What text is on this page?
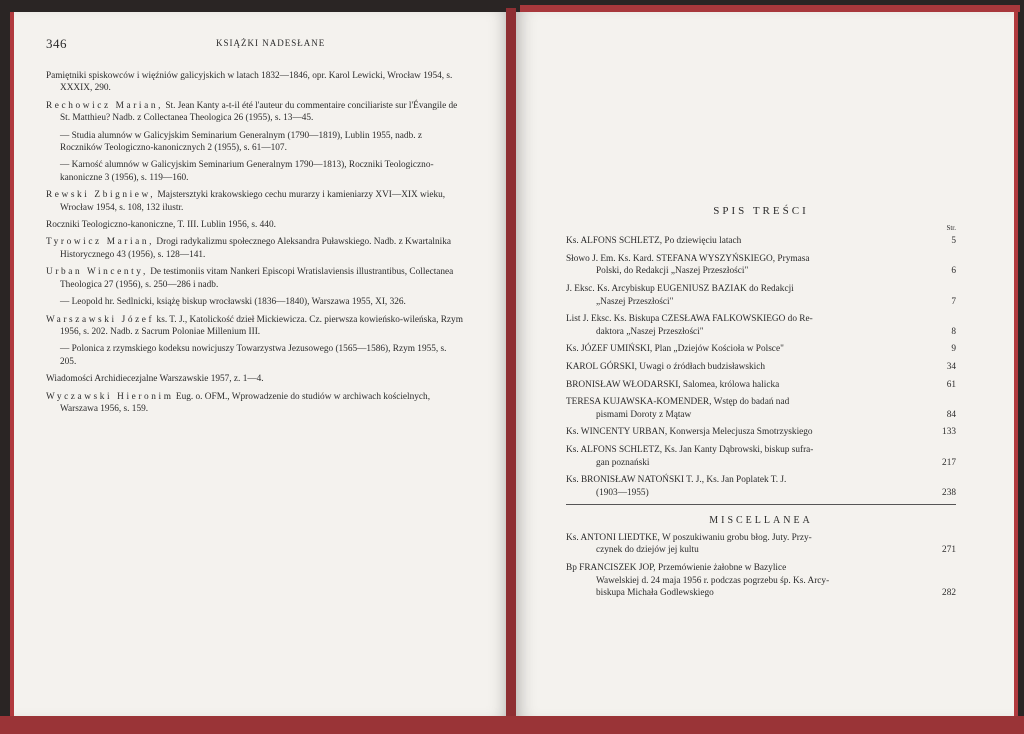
346	KSIĄŻKI NADESŁANE
Pamiętniki spiskowców i więźniów galicyjskich w latach 1832—1846, opr. Karol Lewicki, Wrocław 1954, s. XXXIX, 290.
Rechowicz Marian, St. Jean Kanty a-t-il été l'auteur du commentaire conciliariste sur l'Évangile de St. Matthieu? Nadb. z Collectanea Theologica 26 (1955), s. 13—45.
— Studia alumnów w Galicyjskim Seminarium Generalnym (1790—1819), Lublin 1955, nadb. z Roczników Teologiczno-kanonicznych 2 (1955), s. 61—107.
— Karność alumnów w Galicyjskim Seminarium Generalnym 1790—1813), Roczniki Teologiczno-kanoniczne 3 (1956), s. 119—160.
Rewski Zbigniew, Majstersztyki krakowskiego cechu murarzy i kamieniarzy XVI—XIX wieku, Wrocław 1954, s. 108, 132 ilustr.
Roczniki Teologiczno-kanoniczne, T. III. Lublin 1956, s. 440.
Tyrowicz Marian, Drogi radykalizmu społecznego Aleksandra Puławskiego. Nadb. z Kwartalnika Historycznego 43 (1956), s. 128—141.
Urban Wincenty, De testimoniis vitam Nankeri Episcopi Wratislaviensis illustrantibus, Collectanea Theologica 27 (1956), s. 250—286 i nadb.
— Leopold hr. Sedlnicki, książę biskup wrocławski (1836—1840), Warszawa 1955, XI, 326.
Warszawski Józef ks. T. J., Katolickość dzieł Mickiewicza. Cz. pierwsza kowieńsko-wileńska, Rzym 1956, s. 202. Nadb. z Sacrum Poloniae Millenium III.
— Polonica z rzymskiego kodeksu nowicjuszy Towarzystwa Jezusowego (1565—1586), Rzym 1955, s. 205.
Wiadomości Archidiecezjalne Warszawskie 1957, z. 1—4.
Wyczawski Hieronim Eug. o. OFM., Wprowadzenie do studiów w archiwach kościelnych, Warszawa 1956, s. 159.
SPIS TREŚCI
Str.
Ks. ALFONS SCHLETZ, Po dziewięciu latach	5
Słowo J. Em. Ks. Kard. STEFANA WYSZYŃSKIEGO, Prymasa
Polski, do Redakcji „Naszej Przeszłości"	6
J. Eksc. Ks. Arcybiskup EUGENIUSZ BAZIAK do Redakcji
„Naszej Przeszłości"	7
List J. Eksc. Ks. Biskupa CZESŁAWA FALKOWSKIEGO do Re-
daktora „Naszej Przeszłości"	8
Ks. JÓZEF UMIŃSKI, Plan „Dziejów Kościoła w Polsce"	9
KAROL GÓRSKI, Uwagi o źródłach budzisławskich	34
BRONISŁAW WŁODARSKI, Salomea, królowa halicka	61
TERESA KUJAWSKA-KOMENDER, Wstęp do badań nad
pismami Doroty z Mątaw	84
Ks. WINCENTY URBAN, Konwersja Melecjusza Smotrzyskiego	133
Ks. ALFONS SCHLETZ, Ks. Jan Kanty Dąbrowski, biskup sufra-
gan poznański	217
Ks. BRONISŁAW NATOŃSKI T. J., Ks. Jan Poplatek T. J.
(1903—1955)	238
MISCELLANEA
Ks. ANTONI LIEDTKE, W poszukiwaniu grobu błog. Juty. Przy-
czynek do dziejów jej kultu	271
Bp FRANCISZEK JOP, Przemówienie żałobne w Bazylice
Wawelskiej d. 24 maja 1956 r. podczas pogrzebu śp. Ks. Arcy-
biskupa Michała Godlewskiego	282
